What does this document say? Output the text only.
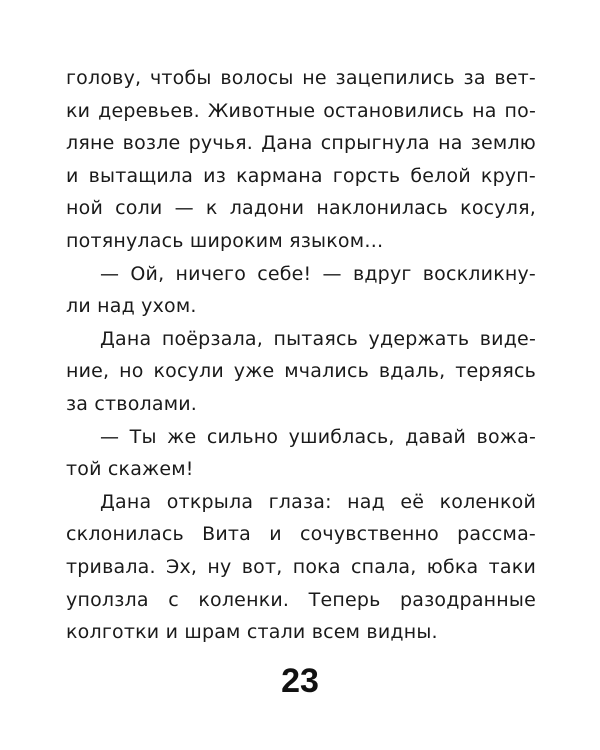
голову, чтобы волосы не зацепились за вет-
ки деревьев. Животные остановились на по-
ляне возле ручья. Дана спрыгнула на землю
и вытащила из кармана горсть белой круп-
ной соли — к ладони наклонилась косуля,
потянулась широким языком…
— Ой, ничего себе! — вдруг воскликну-
ли над ухом.
Дана поёрзала, пытаясь удержать виде-
ние, но косули уже мчались вдаль, теряясь
за стволами.
— Ты же сильно ушиблась, давай вожа-
той скажем!
Дана открыла глаза: над её коленкой
склонилась Вита и сочувственно рассма-
тривала. Эх, ну вот, пока спала, юбка таки
уползла с коленки. Теперь разодранные
колготки и шрам стали всем видны.
23
